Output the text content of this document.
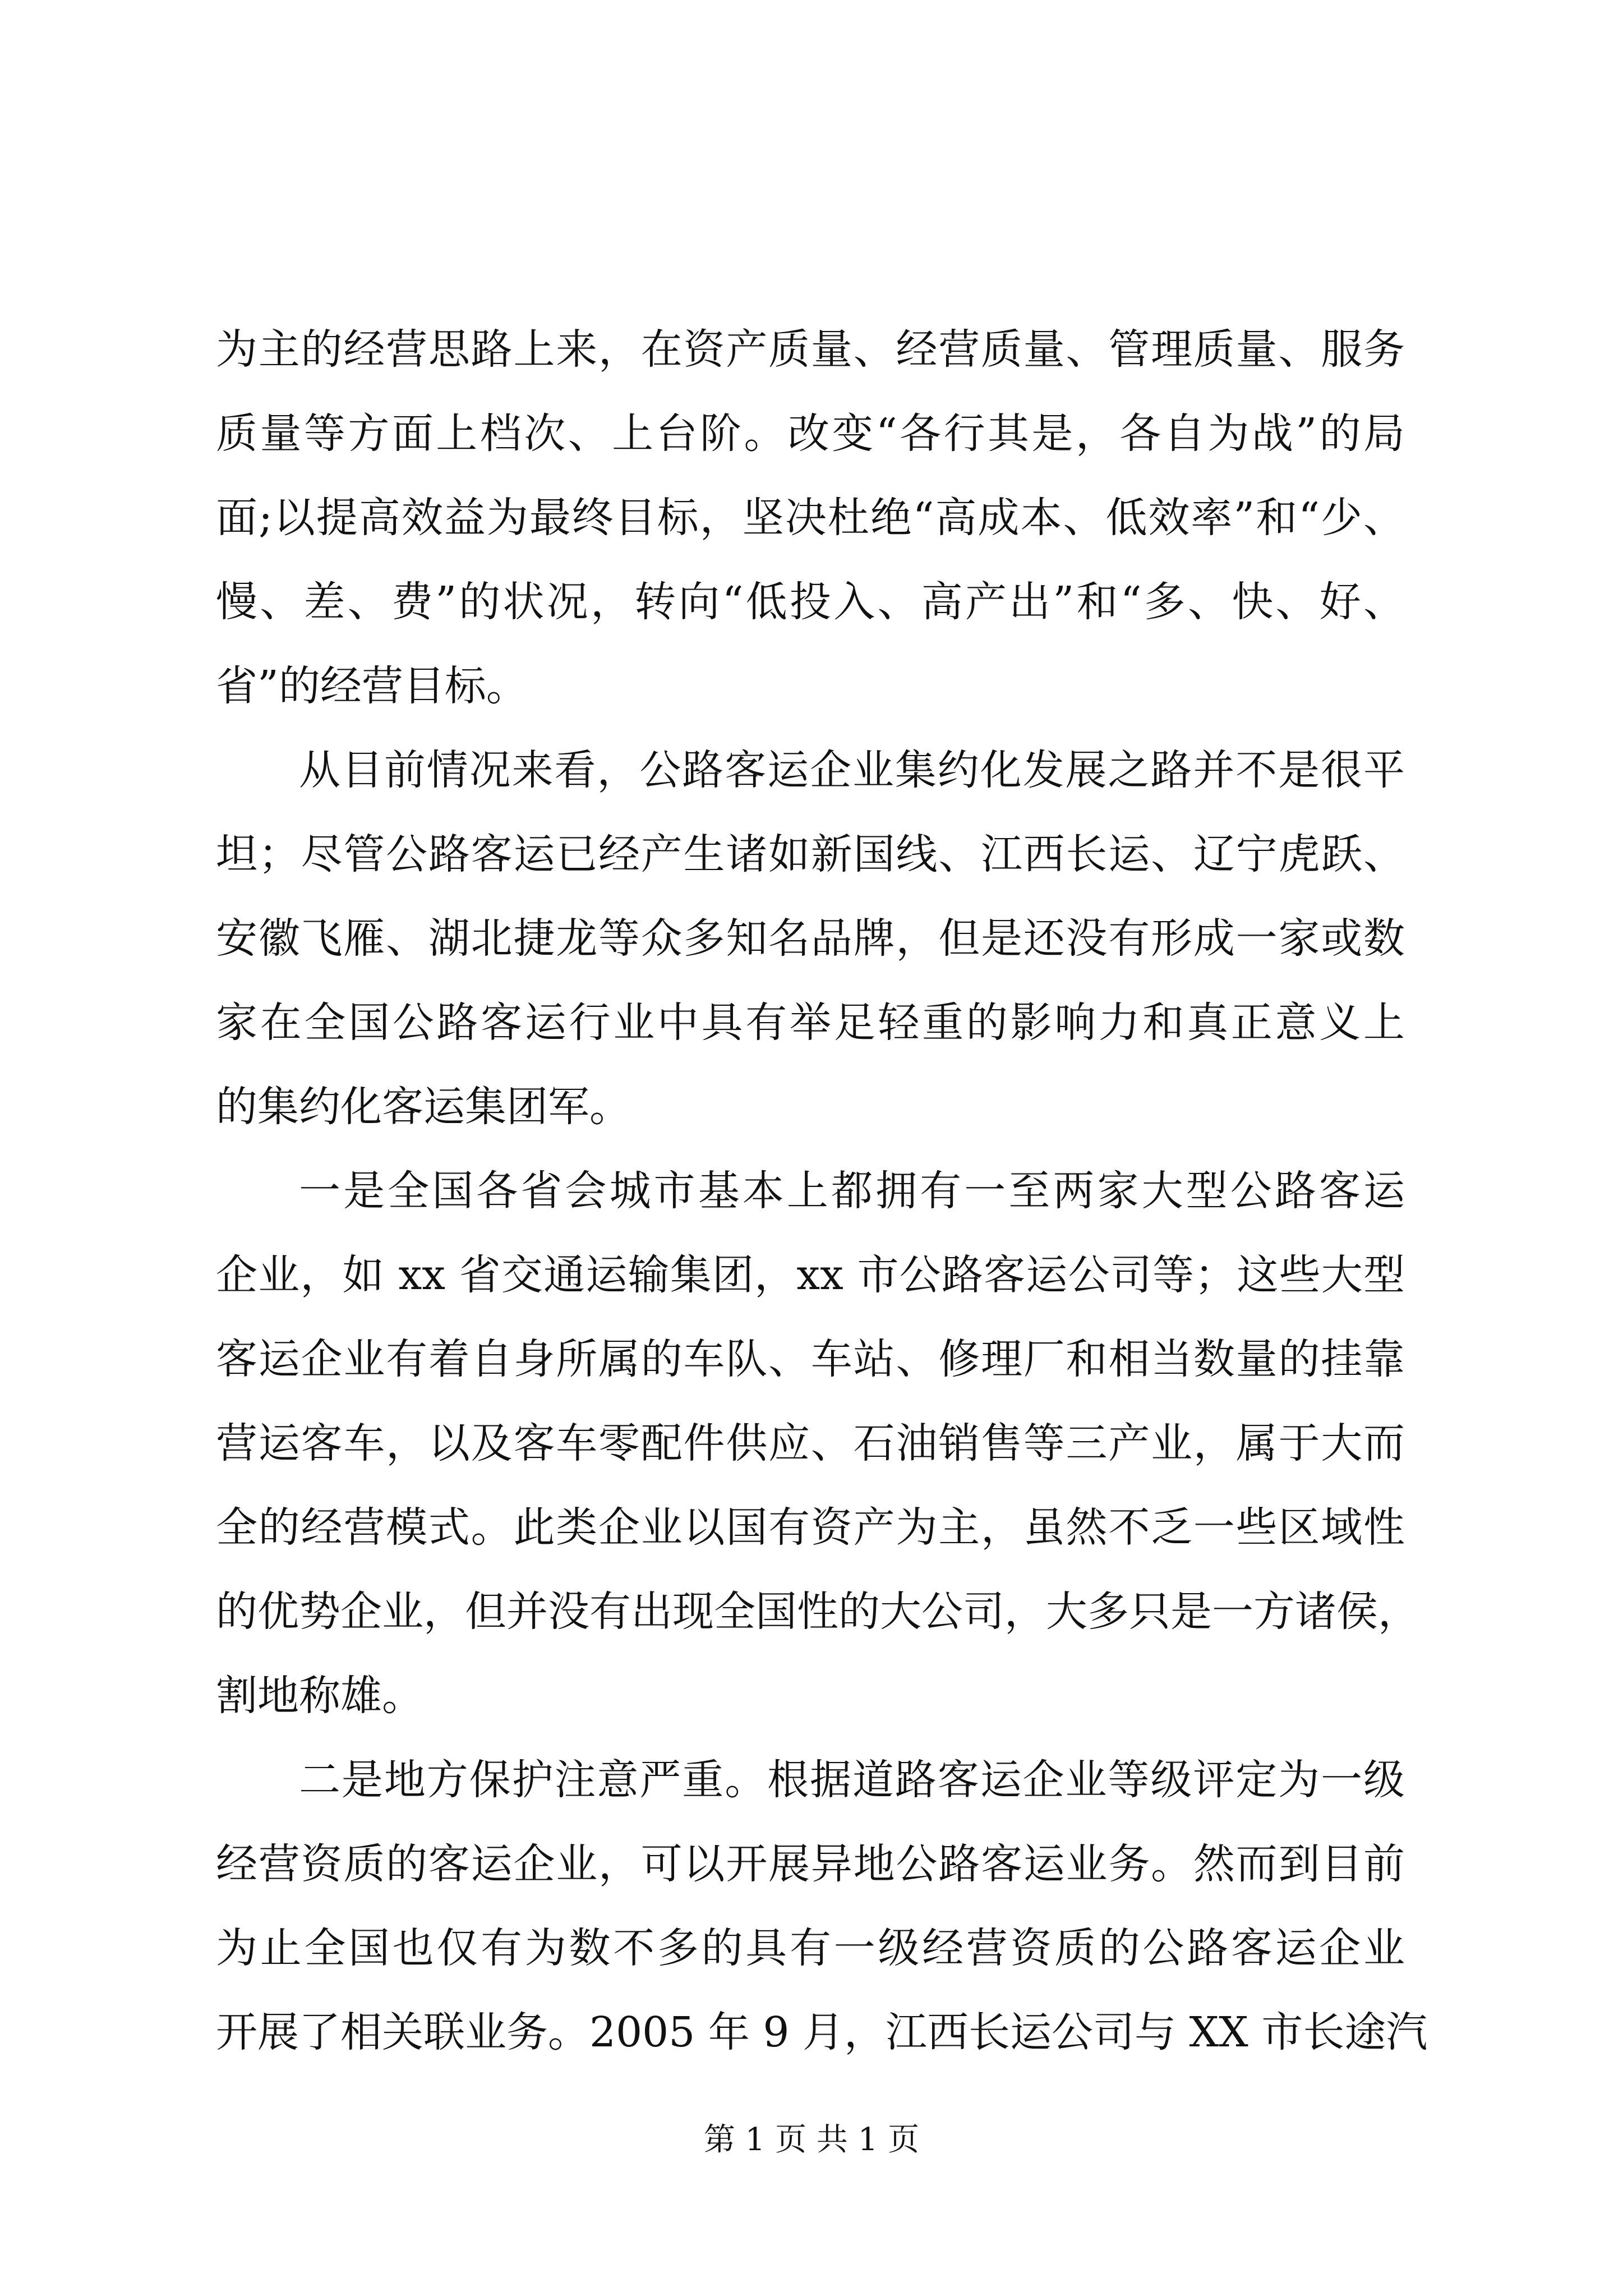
为主的经营思路上来，在资产质量、经营质量、管理质量、服务
质量等方面上档次、上台阶。改变“各行其是，各自为战”的局
面;以提高效益为最终目标，坚决杜绝“高成本、低效率”和“少、
慢、差、费”的状况，转向“低投入、高产出”和“多、快、好、
省”的经营目标。
从目前情况来看，公路客运企业集约化发展之路并不是很平
坦；尽管公路客运已经产生诸如新国线、江西长运、辽宁虎跃、
安徽飞雁、湖北捷龙等众多知名品牌，但是还没有形成一家或数
家在全国公路客运行业中具有举足轻重的影响力和真正意义上
的集约化客运集团军。
一是全国各省会城市基本上都拥有一至两家大型公路客运
企业，如 xx 省交通运输集团，xx 市公路客运公司等；这些大型
客运企业有着自身所属的车队、车站、修理厂和相当数量的挂靠
营运客车，以及客车零配件供应、石油销售等三产业，属于大而
全的经营模式。此类企业以国有资产为主，虽然不乏一些区域性
的优势企业，但并没有出现全国性的大公司，大多只是一方诸侯，
割地称雄。
二是地方保护注意严重。根据道路客运企业等级评定为一级
经营资质的客运企业，可以开展异地公路客运业务。然而到目前
为止全国也仅有为数不多的具有一级经营资质的公路客运企业
开展了相关联业务。2005 年 9 月，江西长运公司与 XX 市长途汽
第 1 页 共 1 页
